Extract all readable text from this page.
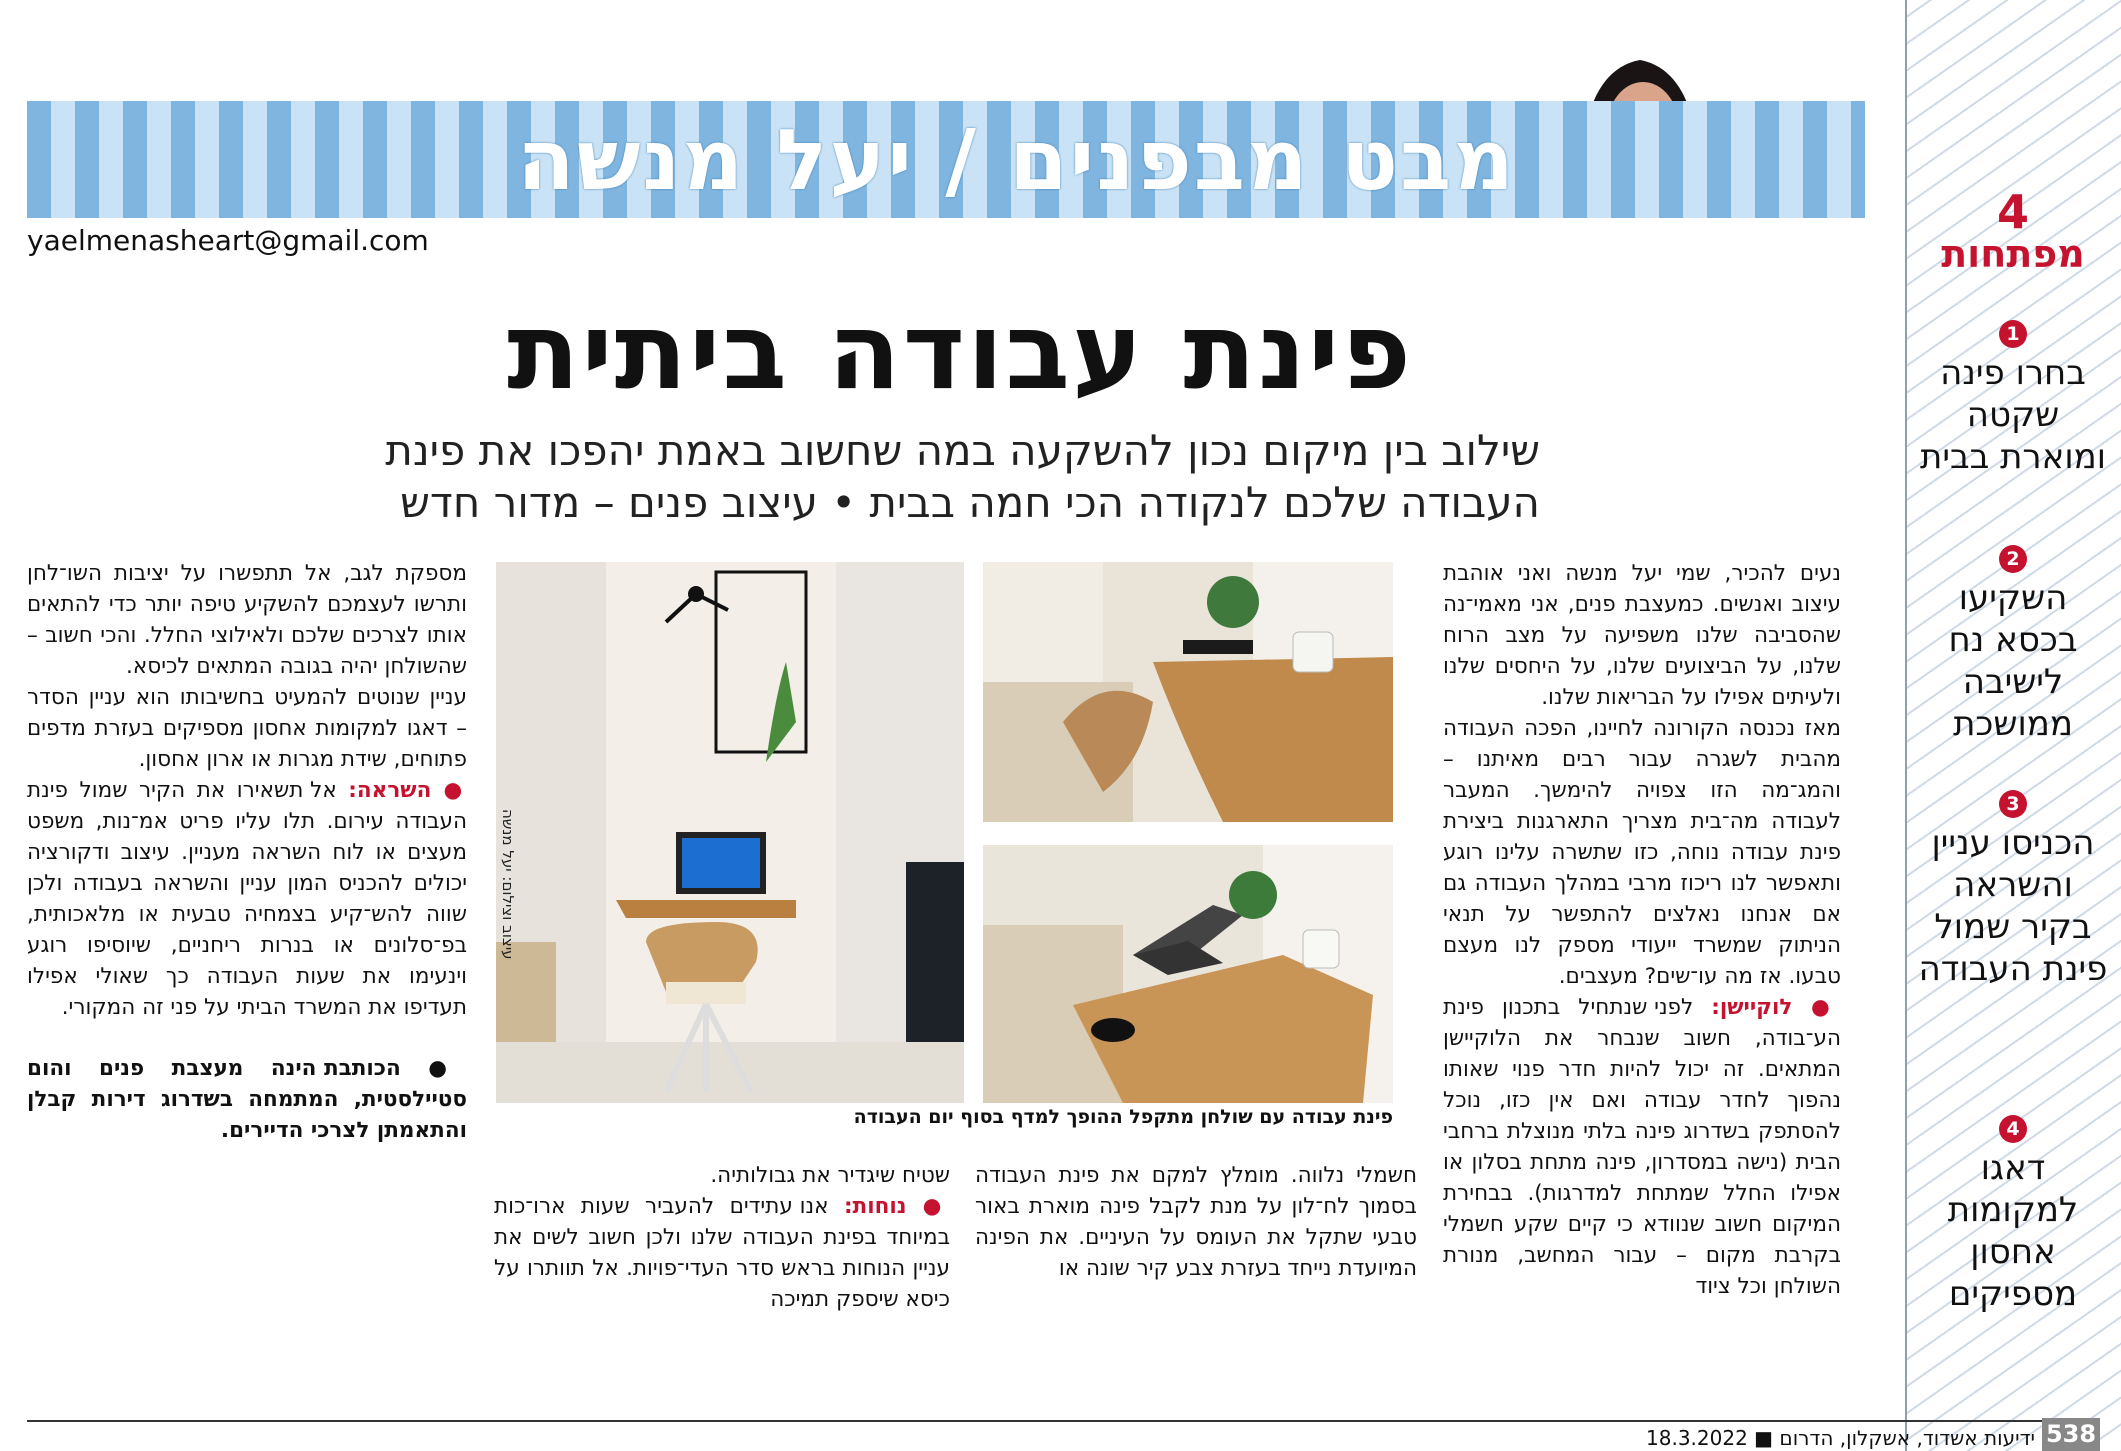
מבט מבפנים / יעל מנשה
yaelmenasheart@gmail.com
פינת עבודה ביתית
שילוב בין מיקום נכון להשקעה במה שחשוב באמת יהפכו את פינת העבודה שלכם לנקודה הכי חמה בבית • עיצוב פנים – מדור חדש

נעים להכיר, שמי יעל מנשה ואני אוהבת עיצוב ואנשים. כמעצבת פנים, אני מאמי־נה שהסביבה שלנו משפיעה על מצב הרוח שלנו, על הביצועים שלנו, על היחסים שלנו ולעיתים אפילו על הבריאות שלנו.

מאז נכנסה הקורונה לחיינו, הפכה העבודה מהבית לשגרה עבור רבים מאיתנו – והמג־מה הזו צפויה להימשך. המעבר לעבודה מה־בית מצריך התארגנות ביצירת פינת עבודה נוחה, כזו שתשרה עלינו רוגע ותאפשר לנו ריכוז מרבי במהלך העבודה גם אם אנחנו נאלצים להתפשר על תנאי הניתוק שמשרד ייעודי מספק לנו מעצם טבעו. אז מה עו־שים? מעצבים.

● לוקיישן: לפני שנתחיל בתכנון פינת הע־בודה, חשוב שנבחר את הלוקיישן המתאים. זה יכול להיות חדר פנוי שאותו נהפוך לחדר עבודה ואם אין כזו, נוכל להסתפק בשדרוג פינה בלתי מנוצלת ברחבי הבית (נישה במסדרון, פינה מתחת בסלון או אפילו החלל שמתחת למדרגות). בבחירת המיקום חשוב שנוודא כי קיים שקע חשמלי בקרבת מקום – עבור המחשב, מנורת השולחן וכל ציוד

חשמלי נלווה. מומלץ למקם את פינת העבודה בסמוך לח־לון על מנת לקבל פינה מוארת באור טבעי שתקל את העומס על העיניים. את הפינה המיועדת נייחד בעזרת צבע קיר שונה או

שטיח שיגדיר את גבולותיה.

● נוחות: אנו עתידים להעביר שעות ארו־כות במיוחד בפינת העבודה שלנו ולכן חשוב לשים את עניין הנוחות בראש סדר העדי־פויות. אל תוותרו על כיסא שיספק תמיכה

מספקת לגב, אל תתפשרו על יציבות השו־לחן ותרשו לעצמכם להשקיע טיפה יותר כדי להתאים אותו לצרכים שלכם ולאילוצי החלל. והכי חשוב – שהשולחן יהיה בגובה המתאים לכיסא.

עניין שנוטים להמעיט בחשיבותו הוא עניין הסדר – דאגו למקומות אחסון מספיקים בעזרת מדפים פתוחים, שידת מגרות או ארון אחסון.

● השראה: אל תשאירו את הקיר שמול פינת העבודה עירום. תלו עליו פריט אמ־נות, משפט מעצים או לוח השראה מעניין. עיצוב ודקורציה יכולים להכניס המון עניין והשראה בעבודה ולכן שווה להש־קיע בצמחיה טבעית או מלאכותית, בפ־סלונים או בנרות ריחניים, שיוסיפו רוגע וינעימו את שעות העבודה כך שאולי אפילו תעדיפו את המשרד הביתי על פני זה המקורי.

● הכותבת הינה מעצבת פנים והום סטיילסטית, המתמחה בשדרוג דירות קבלן והתאמתן לצרכי הדיירים.

עיצוב וצילום: יעל מנשה
פינת עבודה עם שולחן מתקפל ההופך למדף בסוף יום העבודה
4
מפתחות
1
בחרו פינה שקטה ומוארת בבית
2
השקיעו בכסא נח לישיבה ממושכת
3
הכניסו עניין והשראה בקיר שמול פינת העבודה
4
דאגו למקומות אחסון מספיקים
ידיעות אשדוד, אשקלון, הדרום ■ 18.3.2022 538
